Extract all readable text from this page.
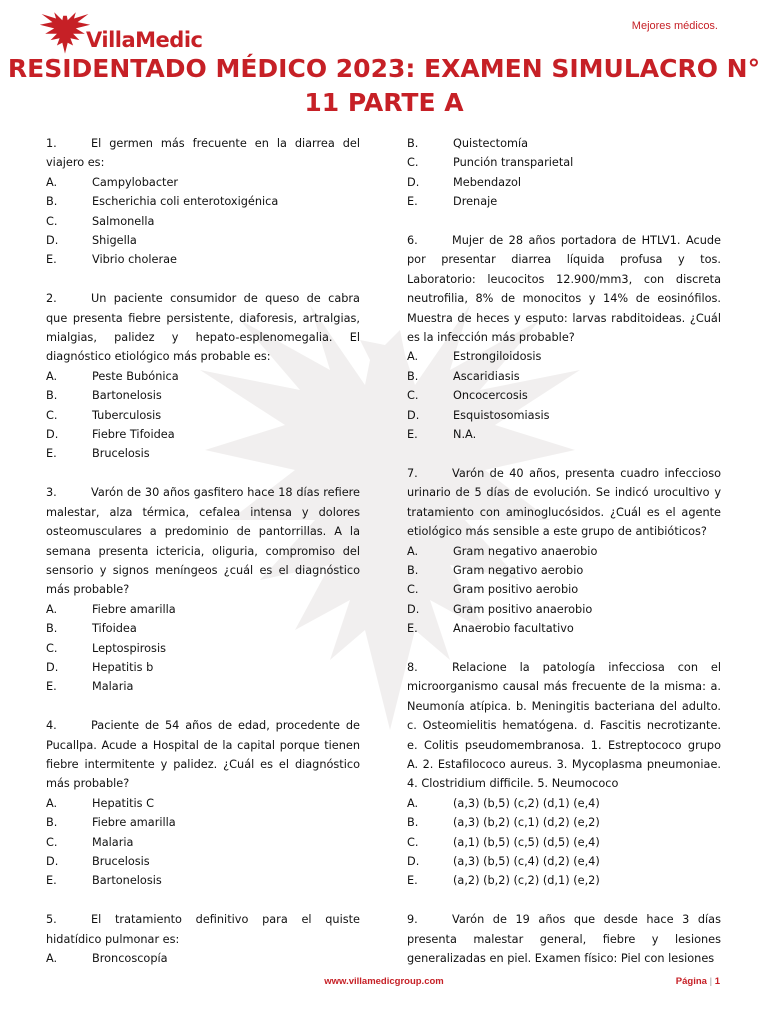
VillaMedic
Mejores médicos.
RESIDENTADO MÉDICO 2023: EXAMEN SIMULACRO N° 11 PARTE A
1.	El germen más frecuente en la diarrea del viajero es:
A.	Campylobacter
B.	Escherichia coli enterotoxigénica
C.	Salmonella
D.	Shigella
E.	Vibrio cholerae
2.	Un paciente consumidor de queso de cabra que presenta fiebre persistente, diaforesis, artralgias, mialgias, palidez y hepato-esplenomegalia. El diagnóstico etiológico más probable es:
A.	Peste Bubónica
B.	Bartonelosis
C.	Tuberculosis
D.	Fiebre Tifoidea
E.	Brucelosis
3.	Varón de 30 años gasfitero hace 18 días refiere malestar, alza térmica, cefalea intensa y dolores osteomusculares a predominio de pantorrillas. A la semana presenta ictericia, oliguria, compromiso del sensorio y signos meníngeos ¿cuál es el diagnóstico más probable?
A.	Fiebre amarilla
B.	Tifoidea
C.	Leptospirosis
D.	Hepatitis b
E.	Malaria
4.	Paciente de 54 años de edad, procedente de Pucallpa. Acude a Hospital de la capital porque tienen fiebre intermitente y palidez. ¿Cuál es el diagnóstico más probable?
A.	Hepatitis C
B.	Fiebre amarilla
C.	Malaria
D.	Brucelosis
E.	Bartonelosis
5.	El tratamiento definitivo para el quiste hidatídico pulmonar es:
A.	Broncoscopía
B.	Quistectomía
C.	Punción transparietal
D.	Mebendazol
E.	Drenaje
6.	Mujer de 28 años portadora de HTLV1. Acude por presentar diarrea líquida profusa y tos. Laboratorio: leucocitos 12.900/mm3, con discreta neutrofilia, 8% de monocitos y 14% de eosinófilos. Muestra de heces y esputo: larvas rabditoideas. ¿Cuál es la infección más probable?
A.	Estrongiloidosis
B.	Ascaridiasis
C.	Oncocercosis
D.	Esquistosomiasis
E.	N.A.
7.	Varón de 40 años, presenta cuadro infeccioso urinario de 5 días de evolución. Se indicó urocultivo y tratamiento con aminoglucósidos. ¿Cuál es el agente etiológico más sensible a este grupo de antibióticos?
A.	Gram negativo anaerobio
B.	Gram negativo aerobio
C.	Gram positivo aerobio
D.	Gram positivo anaerobio
E.	Anaerobio facultativo
8.	Relacione la patología infecciosa con el microorganismo causal más frecuente de la misma: a. Neumonía atípica. b. Meningitis bacteriana del adulto. c. Osteomielitis hematógena. d. Fascitis necrotizante. e. Colitis pseudomembranosa. 1. Estreptococo grupo A. 2. Estafilococo aureus. 3. Mycoplasma pneumoniae. 4. Clostridium difficile. 5. Neumococo
A.	(a,3) (b,5) (c,2) (d,1) (e,4)
B.	(a,3) (b,2) (c,1) (d,2) (e,2)
C.	(a,1) (b,5) (c,5) (d,5) (e,4)
D.	(a,3) (b,5) (c,4) (d,2) (e,4)
E.	(a,2) (b,2) (c,2) (d,1) (e,2)
9.	Varón de 19 años que desde hace 3 días presenta malestar general, fiebre y lesiones generalizadas en piel. Examen físico: Piel con lesiones
www.villamedicgroup.com	Página | 1
